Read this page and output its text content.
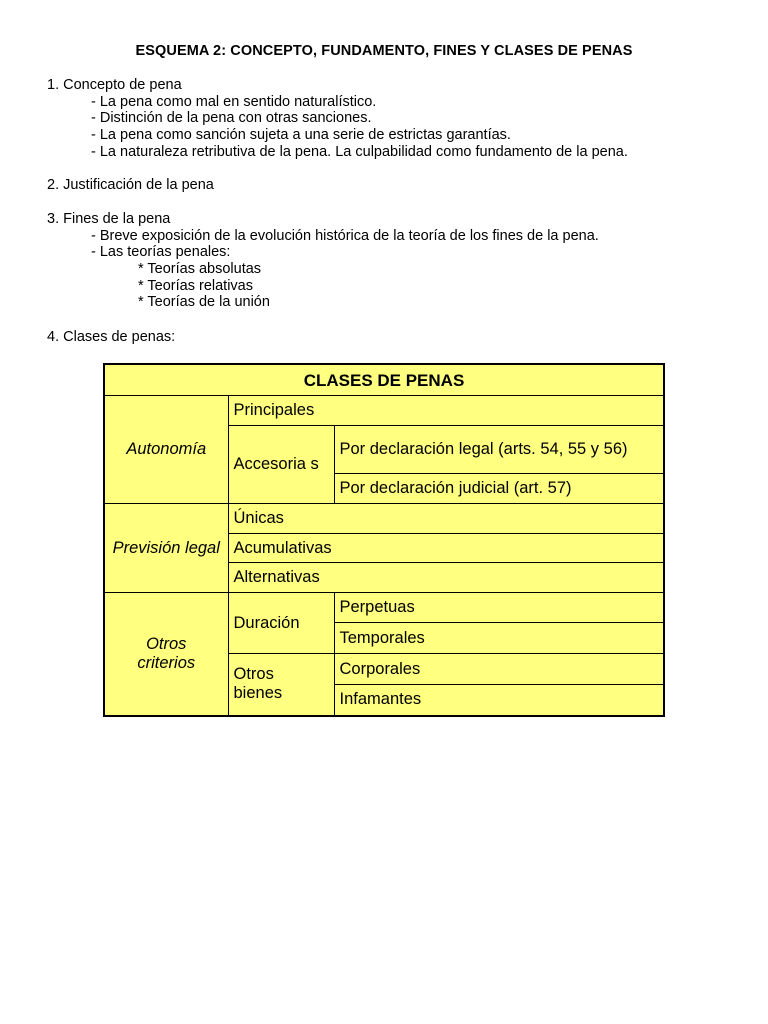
ESQUEMA 2: CONCEPTO, FUNDAMENTO, FINES Y CLASES DE PENAS
1. Concepto de pena
- La pena como mal en sentido naturalístico.
- Distinción de la pena con otras sanciones.
- La pena como sanción sujeta a una serie de estrictas garantías.
- La naturaleza retributiva de la pena. La culpabilidad como fundamento de la pena.
2. Justificación de la pena
3. Fines de la pena
- Breve exposición de la evolución histórica de la teoría de los fines de la pena.
- Las teorías penales:
* Teorías absolutas
* Teorías relativas
* Teorías de la unión
4. Clases de penas:
CLASES DE PENAS		
Autonomía	Principales	
	Accesoria s	Por declaración legal (arts. 54, 55 y 56)
		Por declaración judicial (art. 57)
Previsión legal	Únicas	
	Acumulativas	
	Alternativas	
Otros criterios	Duración	Perpetuas
		Temporales
	Otros bienes	Corporales
		Infamantes
